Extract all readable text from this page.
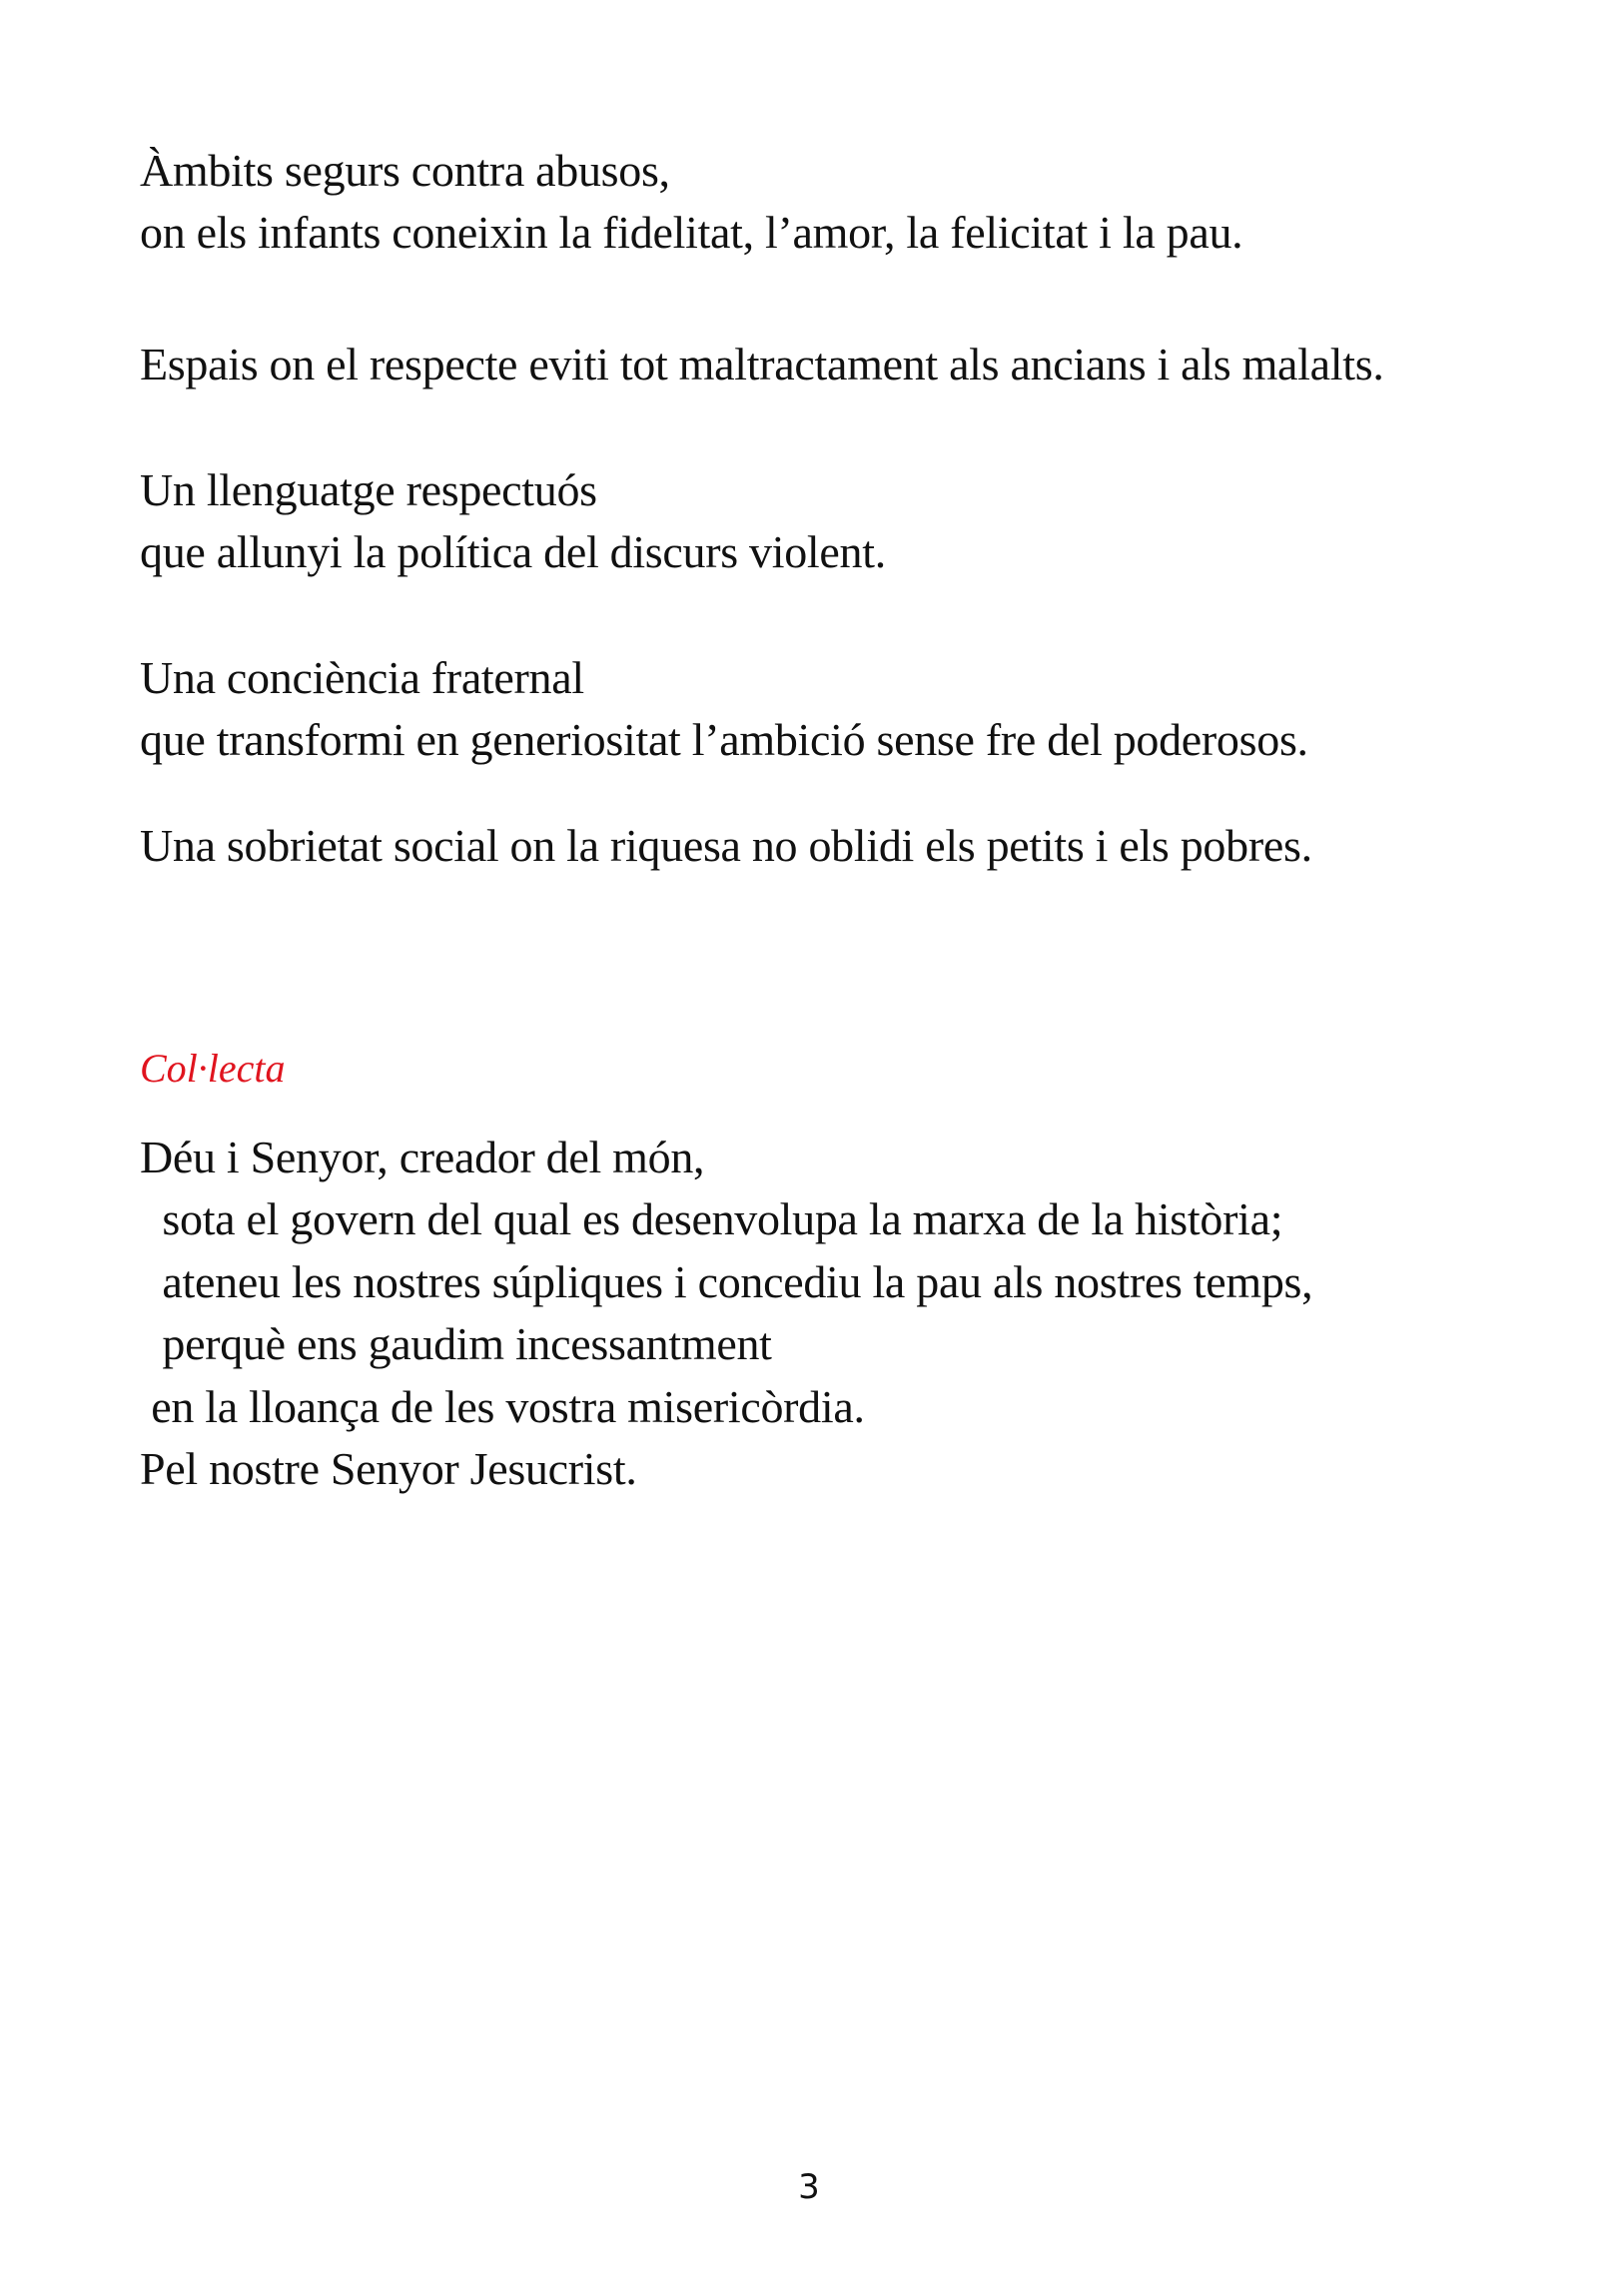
Àmbits segurs contra abusos,
on els infants coneixin la fidelitat, l’amor, la felicitat i la pau.
Espais on el respecte eviti tot maltractament als ancians i als malalts.
Un llenguatge respectuós
que allunyi la política del discurs violent.
Una conciència fraternal
que transformi en generiositat l’ambició sense fre del poderosos.
Una sobrietat social on la riquesa no oblidi els petits i els pobres.
Col·lecta
Déu i Senyor, creador del món,
sota el govern del qual es desenvolupa la marxa de la història;
ateneu les nostres súpliques i concediu la pau als nostres temps,
perquè ens gaudim incessantment
en la lloança de les vostra misericòrdia.
Pel nostre Senyor Jesucrist.
3
